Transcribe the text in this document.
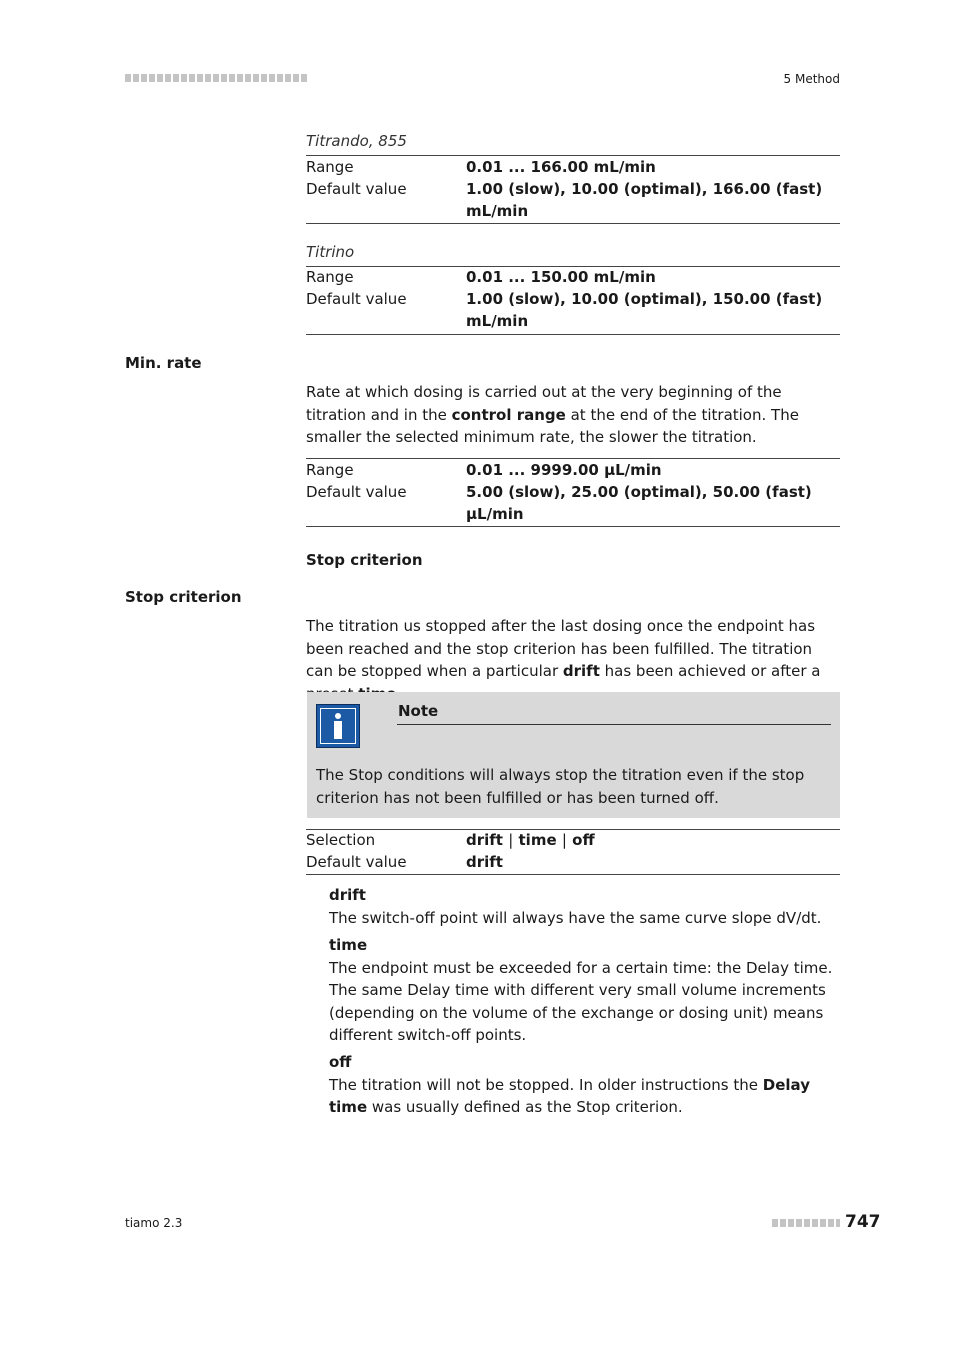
5 Method
Titrando, 855
Range	0.01 ... 166.00 mL/min
Default value	1.00 (slow), 10.00 (optimal), 166.00 (fast) mL/min
Titrino
Range	0.01 ... 150.00 mL/min
Default value	1.00 (slow), 10.00 (optimal), 150.00 (fast) mL/min
Min. rate
Rate at which dosing is carried out at the very beginning of the titration and in the control range at the end of the titration. The smaller the selected minimum rate, the slower the titration.
Range	0.01 ... 9999.00 µL/min
Default value	5.00 (slow), 25.00 (optimal), 50.00 (fast) µL/min
Stop criterion
Stop criterion
The titration us stopped after the last dosing once the endpoint has been reached and the stop criterion has been fulfilled. The titration can be stopped when a particular drift has been achieved or after a
Note
The Stop conditions will always stop the titration even if the stop criterion has not been fulfilled or has been turned off.
Selection	drift | time | off
Default value	drift
drift
The switch-off point will always have the same curve slope dV/dt.
time
The endpoint must be exceeded for a certain time: the Delay time. The same Delay time with different very small volume increments (depending on the volume of the exchange or dosing unit) means different switch-off points.
off
The titration will not be stopped. In older instructions the Delay time was usually defined as the Stop criterion.
tiamo 2.3	747
